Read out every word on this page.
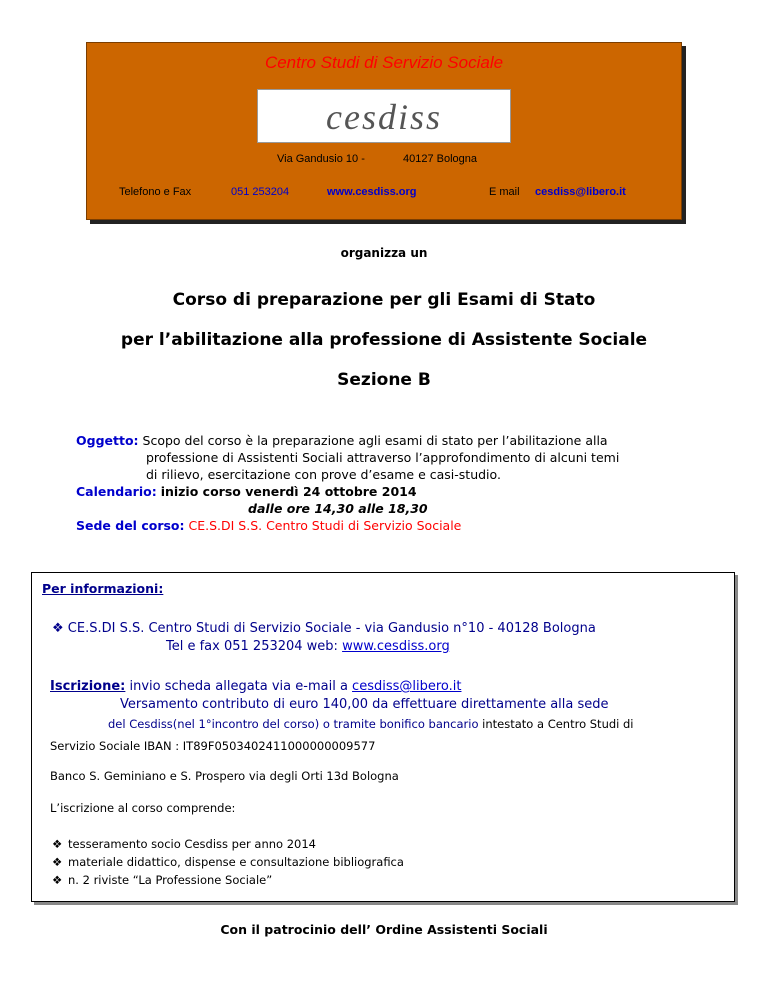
Centro Studi di Servizio Sociale
cesdiss
Via Gandusio 10 -	40127 Bologna
Telefono e Fax	051 253204	www.cesdiss.org	E mail cesdiss@libero.it
organizza un
Corso di preparazione per gli Esami di Stato
per l’abilitazione alla professione di Assistente Sociale
Sezione B
Oggetto: Scopo del corso è la preparazione agli esami di stato per l’abilitazione alla
professione di Assistenti Sociali attraverso l’approfondimento di alcuni temi
di rilievo, esercitazione con prove d’esame e casi-studio.
Calendario: inizio corso venerdì 24 ottobre 2014
dalle ore 14,30 alle 18,30
Sede del corso: CE.S.DI S.S. Centro Studi di Servizio Sociale
Per informazioni:
❖ CE.S.DI S.S. Centro Studi di Servizio Sociale - via Gandusio n°10 - 40128 Bologna
Tel e fax 051 253204 web: www.cesdiss.org
Iscrizione: invio scheda allegata via e-mail a cesdiss@libero.it
Versamento contributo di euro 140,00 da effettuare direttamente alla sede
del Cesdiss(nel 1°incontro del corso) o tramite bonifico bancario intestato a Centro Studi di
Servizio Sociale IBAN : IT89F0503402411000000009577
Banco S. Geminiano e S. Prospero via degli Orti 13d Bologna
L’iscrizione al corso comprende:
❖ tesseramento socio Cesdiss per anno 2014
❖ materiale didattico, dispense e consultazione bibliografica
❖ n. 2 riviste “La Professione Sociale”
Con il patrocinio dell’ Ordine Assistenti Sociali
